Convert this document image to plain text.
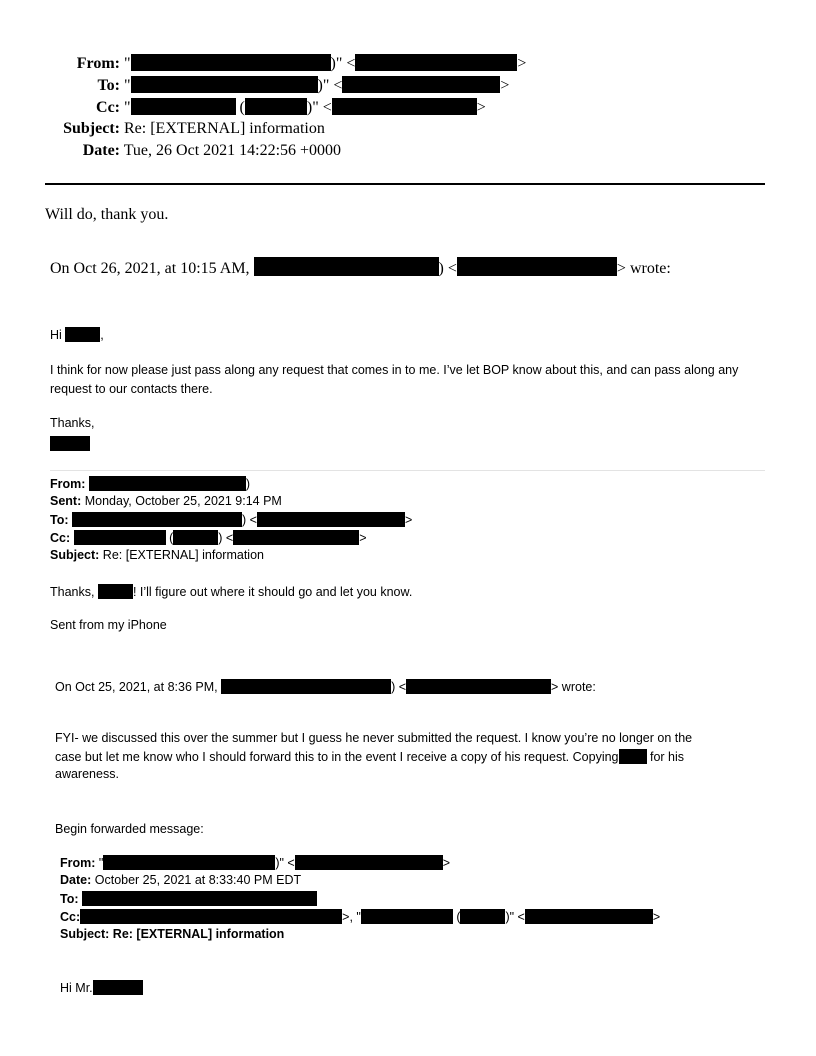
From: "	)" <	>
To: "	)" <	>
Cc: "	(	)" <	>
Subject: Re: [EXTERNAL] information
Date: Tue, 26 Oct 2021 14:22:56 +0000
Will do, thank you.
On Oct 26, 2021, at 10:15 AM,	) <	> wrote:
Hi	,
I think for now please just pass along any request that comes in to me. I’ve let BOP know about this, and can pass along any request to our contacts there.
Thanks,
From:	)
Sent: Monday, October 25, 2021 9:14 PM
To:	) <	>
Cc:	(	) <	>
Subject: Re: [EXTERNAL] information
Thanks,	! I’ll figure out where it should go and let you know.
Sent from my iPhone
On Oct 25, 2021, at 8:36 PM,	) <	> wrote:
FYI- we discussed this over the summer but I guess he never submitted the request. I know you’re no longer on the
case but let me know who I should forward this to in the event I receive a copy of his request. Copying	for his
awareness.
Begin forwarded message:
From: "	)" <	>
Date: October 25, 2021 at 8:33:40 PM EDT
To:
Cc:	>, "	(	)" <	>
Subject: Re: [EXTERNAL] information
Hi Mr.
